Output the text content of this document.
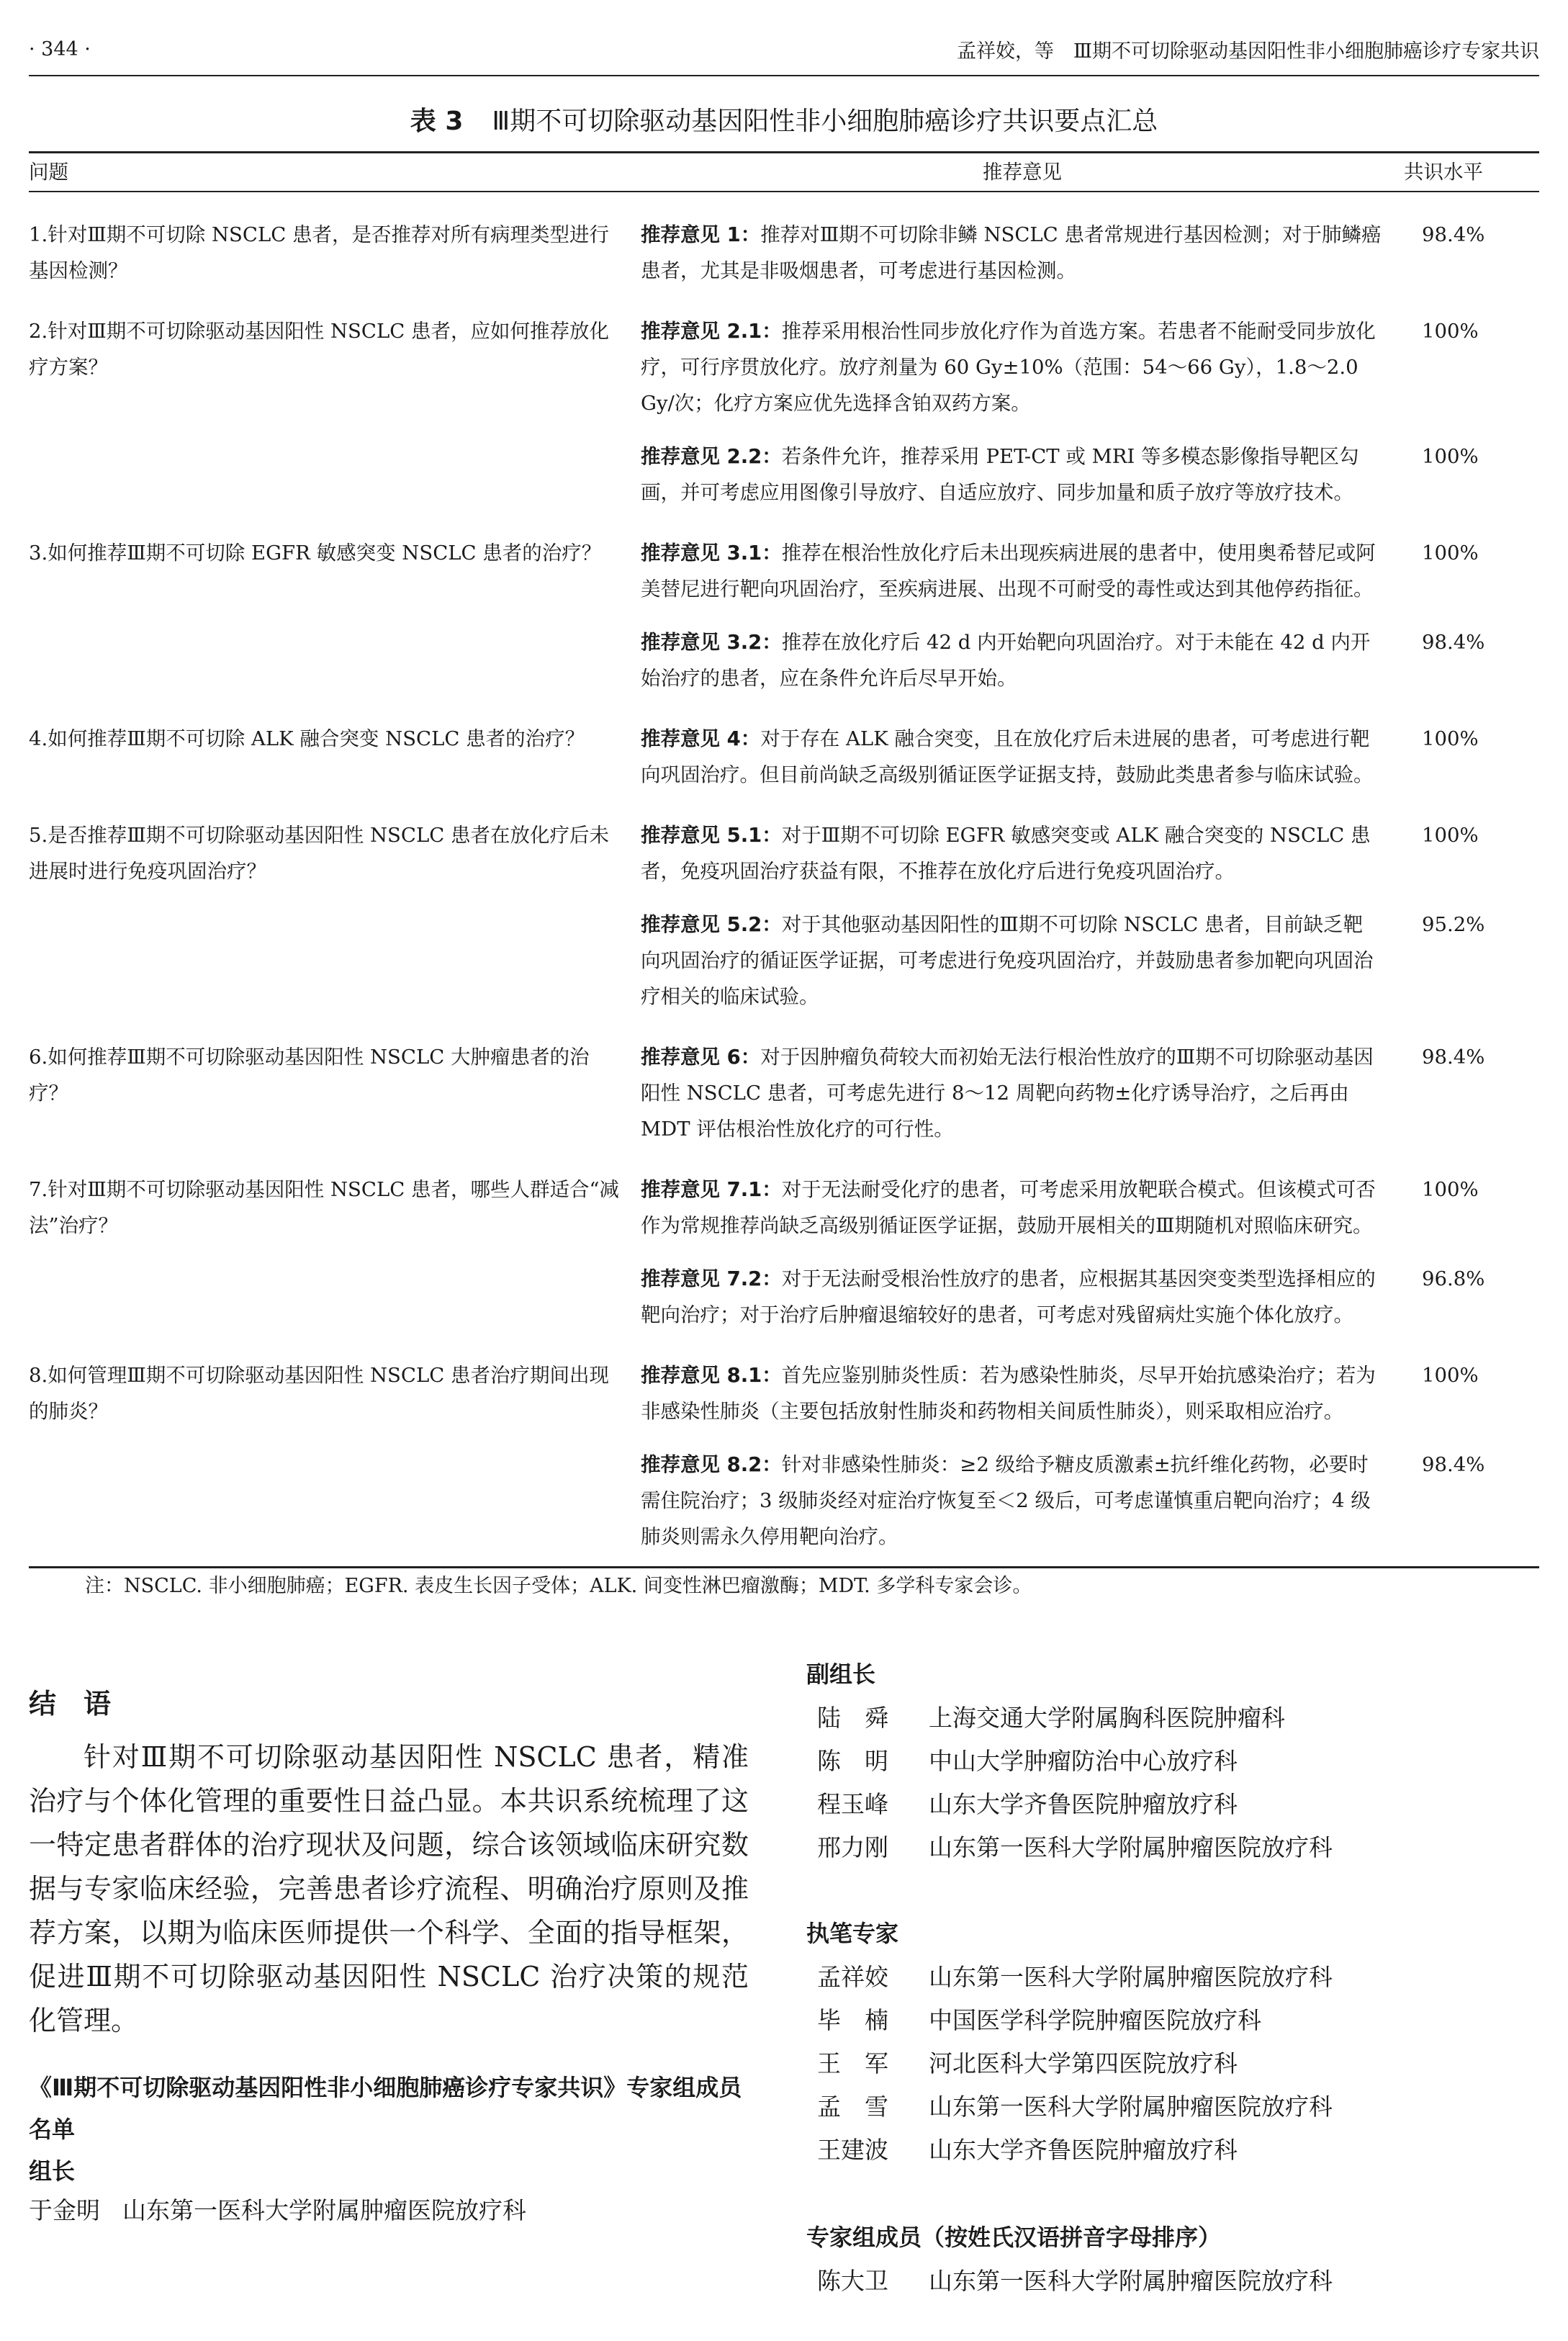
· 344 ·	孟祥姣，等　Ⅲ期不可切除驱动基因阳性非小细胞肺癌诊疗专家共识
表 3 Ⅲ期不可切除驱动基因阳性非小细胞肺癌诊疗共识要点汇总
问题	推荐意见	共识水平
1.针对Ⅲ期不可切除 NSCLC 患者，是否推荐对所有病理类型进行基因检测？	推荐意见 1：推荐对Ⅲ期不可切除非鳞 NSCLC 患者常规进行基因检测；对于肺鳞癌患者，尤其是非吸烟患者，可考虑进行基因检测。	98.4%
2.针对Ⅲ期不可切除驱动基因阳性 NSCLC 患者，应如何推荐放化疗方案？	推荐意见 2.1：推荐采用根治性同步放化疗作为首选方案。若患者不能耐受同步放化疗，可行序贯放化疗。放疗剂量为 60 Gy±10%（范围：54～66 Gy），1.8～2.0 Gy/次；化疗方案应优先选择含铂双药方案。	100%
	推荐意见 2.2：若条件允许，推荐采用 PET-CT 或 MRI 等多模态影像指导靶区勾画，并可考虑应用图像引导放疗、自适应放疗、同步加量和质子放疗等放疗技术。	100%
3.如何推荐Ⅲ期不可切除 EGFR 敏感突变 NSCLC 患者的治疗？	推荐意见 3.1：推荐在根治性放化疗后未出现疾病进展的患者中，使用奥希替尼或阿美替尼进行靶向巩固治疗，至疾病进展、出现不可耐受的毒性或达到其他停药指征。	100%
	推荐意见 3.2：推荐在放化疗后 42 d 内开始靶向巩固治疗。对于未能在 42 d 内开始治疗的患者，应在条件允许后尽早开始。	98.4%
4.如何推荐Ⅲ期不可切除 ALK 融合突变 NSCLC 患者的治疗？	推荐意见 4：对于存在 ALK 融合突变，且在放化疗后未进展的患者，可考虑进行靶向巩固治疗。但目前尚缺乏高级别循证医学证据支持，鼓励此类患者参与临床试验。	100%
5.是否推荐Ⅲ期不可切除驱动基因阳性 NSCLC 患者在放化疗后未进展时进行免疫巩固治疗？	推荐意见 5.1：对于Ⅲ期不可切除 EGFR 敏感突变或 ALK 融合突变的 NSCLC 患者，免疫巩固治疗获益有限，不推荐在放化疗后进行免疫巩固治疗。	100%
	推荐意见 5.2：对于其他驱动基因阳性的Ⅲ期不可切除 NSCLC 患者，目前缺乏靶向巩固治疗的循证医学证据，可考虑进行免疫巩固治疗，并鼓励患者参加靶向巩固治疗相关的临床试验。	95.2%
6.如何推荐Ⅲ期不可切除驱动基因阳性 NSCLC 大肿瘤患者的治疗？	推荐意见 6：对于因肿瘤负荷较大而初始无法行根治性放疗的Ⅲ期不可切除驱动基因阳性 NSCLC 患者，可考虑先进行 8～12 周靶向药物±化疗诱导治疗，之后再由 MDT 评估根治性放化疗的可行性。	98.4%
7.针对Ⅲ期不可切除驱动基因阳性 NSCLC 患者，哪些人群适合“减法”治疗？	推荐意见 7.1：对于无法耐受化疗的患者，可考虑采用放靶联合模式。但该模式可否作为常规推荐尚缺乏高级别循证医学证据，鼓励开展相关的Ⅲ期随机对照临床研究。	100%
	推荐意见 7.2：对于无法耐受根治性放疗的患者，应根据其基因突变类型选择相应的靶向治疗；对于治疗后肿瘤退缩较好的患者，可考虑对残留病灶实施个体化放疗。	96.8%
8.如何管理Ⅲ期不可切除驱动基因阳性 NSCLC 患者治疗期间出现的肺炎？	推荐意见 8.1：首先应鉴别肺炎性质：若为感染性肺炎，尽早开始抗感染治疗；若为非感染性肺炎（主要包括放射性肺炎和药物相关间质性肺炎），则采取相应治疗。	100%
	推荐意见 8.2：针对非感染性肺炎：≥2 级给予糖皮质激素±抗纤维化药物，必要时需住院治疗；3 级肺炎经对症治疗恢复至＜2 级后，可考虑谨慎重启靶向治疗；4 级肺炎则需永久停用靶向治疗。	98.4%
注：NSCLC. 非小细胞肺癌；EGFR. 表皮生长因子受体；ALK. 间变性淋巴瘤激酶；MDT. 多学科专家会诊。
结　语
针对Ⅲ期不可切除驱动基因阳性 NSCLC 患者，精准治疗与个体化管理的重要性日益凸显。本共识系统梳理了这一特定患者群体的治疗现状及问题，综合该领域临床研究数据与专家临床经验，完善患者诊疗流程、明确治疗原则及推荐方案，以期为临床医师提供一个科学、全面的指导框架，促进Ⅲ期不可切除驱动基因阳性 NSCLC 治疗决策的规范化管理。
《Ⅲ期不可切除驱动基因阳性非小细胞肺癌诊疗专家共识》专家组成员名单
组长
于金明 山东第一医科大学附属肿瘤医院放疗科
副组长
陆　舜	上海交通大学附属胸科医院肿瘤科
陈　明	中山大学肿瘤防治中心放疗科
程玉峰	山东大学齐鲁医院肿瘤放疗科
邢力刚	山东第一医科大学附属肿瘤医院放疗科
执笔专家
孟祥姣	山东第一医科大学附属肿瘤医院放疗科
毕　楠	中国医学科学院肿瘤医院放疗科
王　军	河北医科大学第四医院放疗科
孟　雪	山东第一医科大学附属肿瘤医院放疗科
王建波	山东大学齐鲁医院肿瘤放疗科
专家组成员（按姓氏汉语拼音字母排序）
陈大卫	山东第一医科大学附属肿瘤医院放疗科
